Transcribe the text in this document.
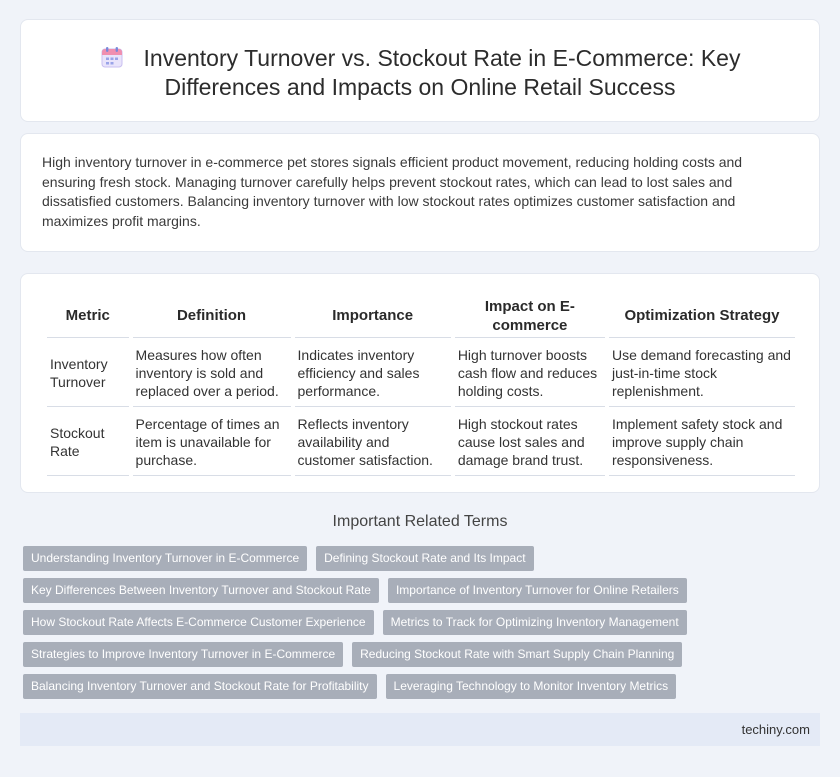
Inventory Turnover vs. Stockout Rate in E-Commerce: Key
Differences and Impacts on Online Retail Success

High inventory turnover in e-commerce pet stores signals efficient product movement, reducing holding costs and ensuring fresh stock. Managing turnover carefully helps prevent stockout rates, which can lead to lost sales and dissatisfied customers. Balancing inventory turnover with low stockout rates optimizes customer satisfaction and maximizes profit margins.

Metric	Definition	Importance	Impact on E-commerce	Optimization Strategy
Inventory Turnover	Measures how often inventory is sold and replaced over a period.	Indicates inventory efficiency and sales performance.	High turnover boosts cash flow and reduces holding costs.	Use demand forecasting and just-in-time stock replenishment.
Stockout Rate	Percentage of times an item is unavailable for purchase.	Reflects inventory availability and customer satisfaction.	High stockout rates cause lost sales and damage brand trust.	Implement safety stock and improve supply chain responsiveness.
Important Related Terms
Understanding Inventory Turnover in E-Commerce	Defining Stockout Rate and Its Impact
Key Differences Between Inventory Turnover and Stockout Rate	Importance of Inventory Turnover for Online Retailers
How Stockout Rate Affects E-Commerce Customer Experience	Metrics to Track for Optimizing Inventory Management
Strategies to Improve Inventory Turnover in E-Commerce	Reducing Stockout Rate with Smart Supply Chain Planning
Balancing Inventory Turnover and Stockout Rate for Profitability	Leveraging Technology to Monitor Inventory Metrics
techiny.com
